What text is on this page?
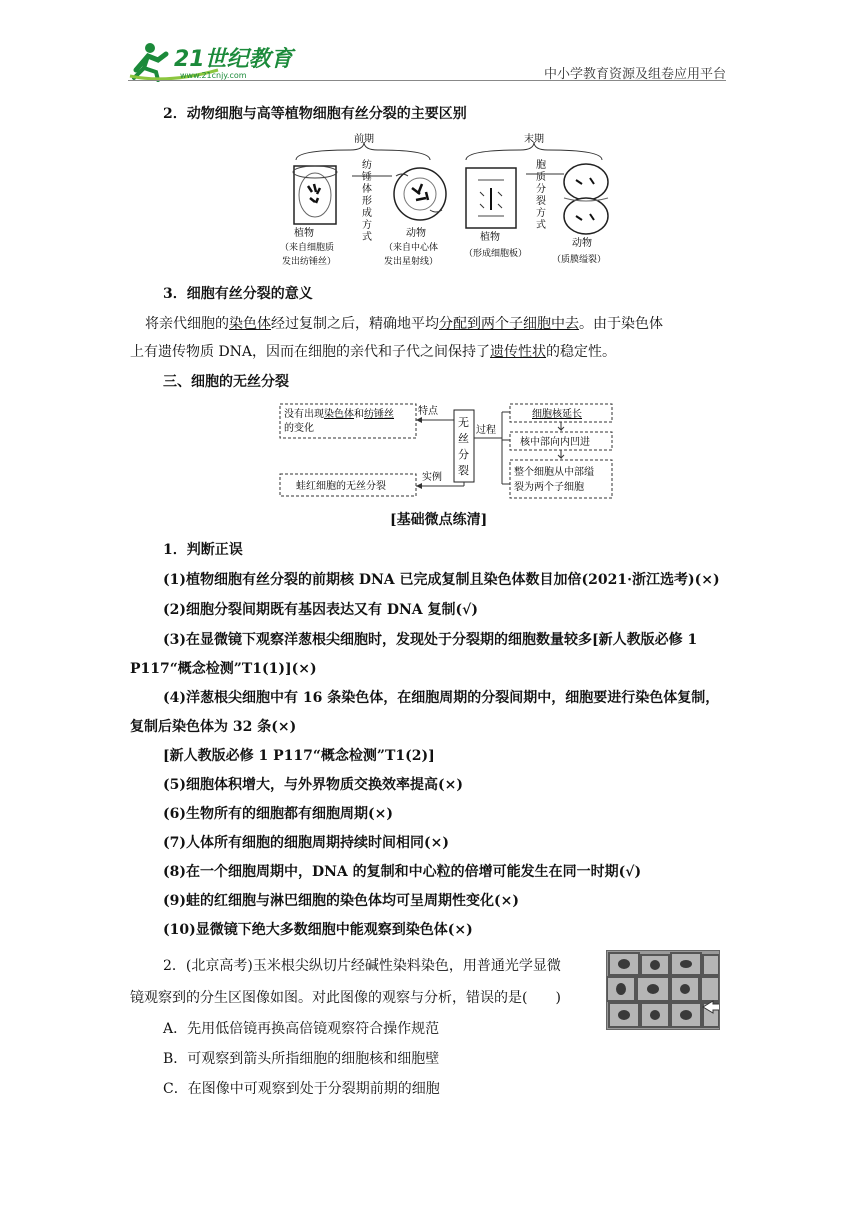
21世纪教育
www.21cnjy.com	中小学教育资源及组卷应用平台
2．动物细胞与高等植物细胞有丝分裂的主要区别
前期	末期
植物
（来自细胞质
发出纺锤丝）
纺
锤
体
形
成
方
式	动物
（来自中心体
发出星射线）
植物
（形成细胞板）
胞
质
分
裂
方
式
动物
（质膜缢裂）
3．细胞有丝分裂的意义
将亲代细胞的染色体经过复制之后，精确地平均分配到两个子细胞中去。由于染色体
上有遗传物质 DNA，因而在细胞的亲代和子代之间保持了遗传性状的稳定性。
三、细胞的无丝分裂
没有出现染色体和纺锤丝
的变化
特点
无
丝
分
裂
过程
细胞核延长
核中部向内凹进
整个细胞从中部缢
裂为两个子细胞
实例
蛙红细胞的无丝分裂
[基础微点练清]
1．判断正误
(1)植物细胞有丝分裂的前期核 DNA 已完成复制且染色体数目加倍(2021·浙江选考)(×)
(2)细胞分裂间期既有基因表达又有 DNA 复制(√)
(3)在显微镜下观察洋葱根尖细胞时，发现处于分裂期的细胞数量较多[新人教版必修 1
P117“概念检测”T1(1)](×)
(4)洋葱根尖细胞中有 16 条染色体，在细胞周期的分裂间期中，细胞要进行染色体复制，
复制后染色体为 32 条(×)
[新人教版必修 1 P117“概念检测”T1(2)]
(5)细胞体积增大，与外界物质交换效率提高(×)
(6)生物所有的细胞都有细胞周期(×)
(7)人体所有细胞的细胞周期持续时间相同(×)
(8)在一个细胞周期中，DNA 的复制和中心粒的倍增可能发生在同一时期(√)
(9)蛙的红细胞与淋巴细胞的染色体均可呈周期性变化(×)
(10)显微镜下绝大多数细胞中能观察到染色体(×)
2．(北京高考)玉米根尖纵切片经碱性染料染色，用普通光学显微
镜观察到的分生区图像如图。对此图像的观察与分析，错误的是(　　)
A．先用低倍镜再换高倍镜观察符合操作规范
B．可观察到箭头所指细胞的细胞核和细胞壁
C．在图像中可观察到处于分裂期前期的细胞
